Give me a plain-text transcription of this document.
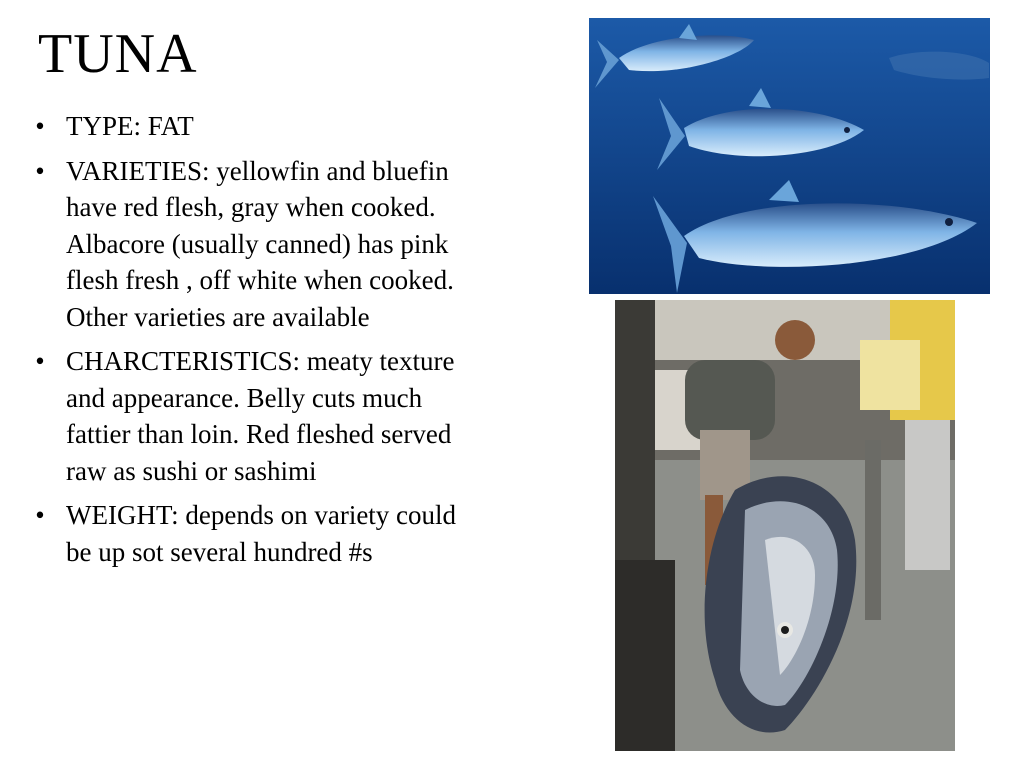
TUNA
• TYPE: FAT
• VARIETIES: yellowfin and bluefin have red flesh, gray when cooked. Albacore (usually canned) has pink flesh fresh , off white when cooked. Other varieties are available
• CHARCTERISTICS: meaty texture and appearance. Belly cuts much fattier than loin. Red fleshed served raw as sushi or sashimi
• WEIGHT: depends on variety could be up sot several hundred #s
